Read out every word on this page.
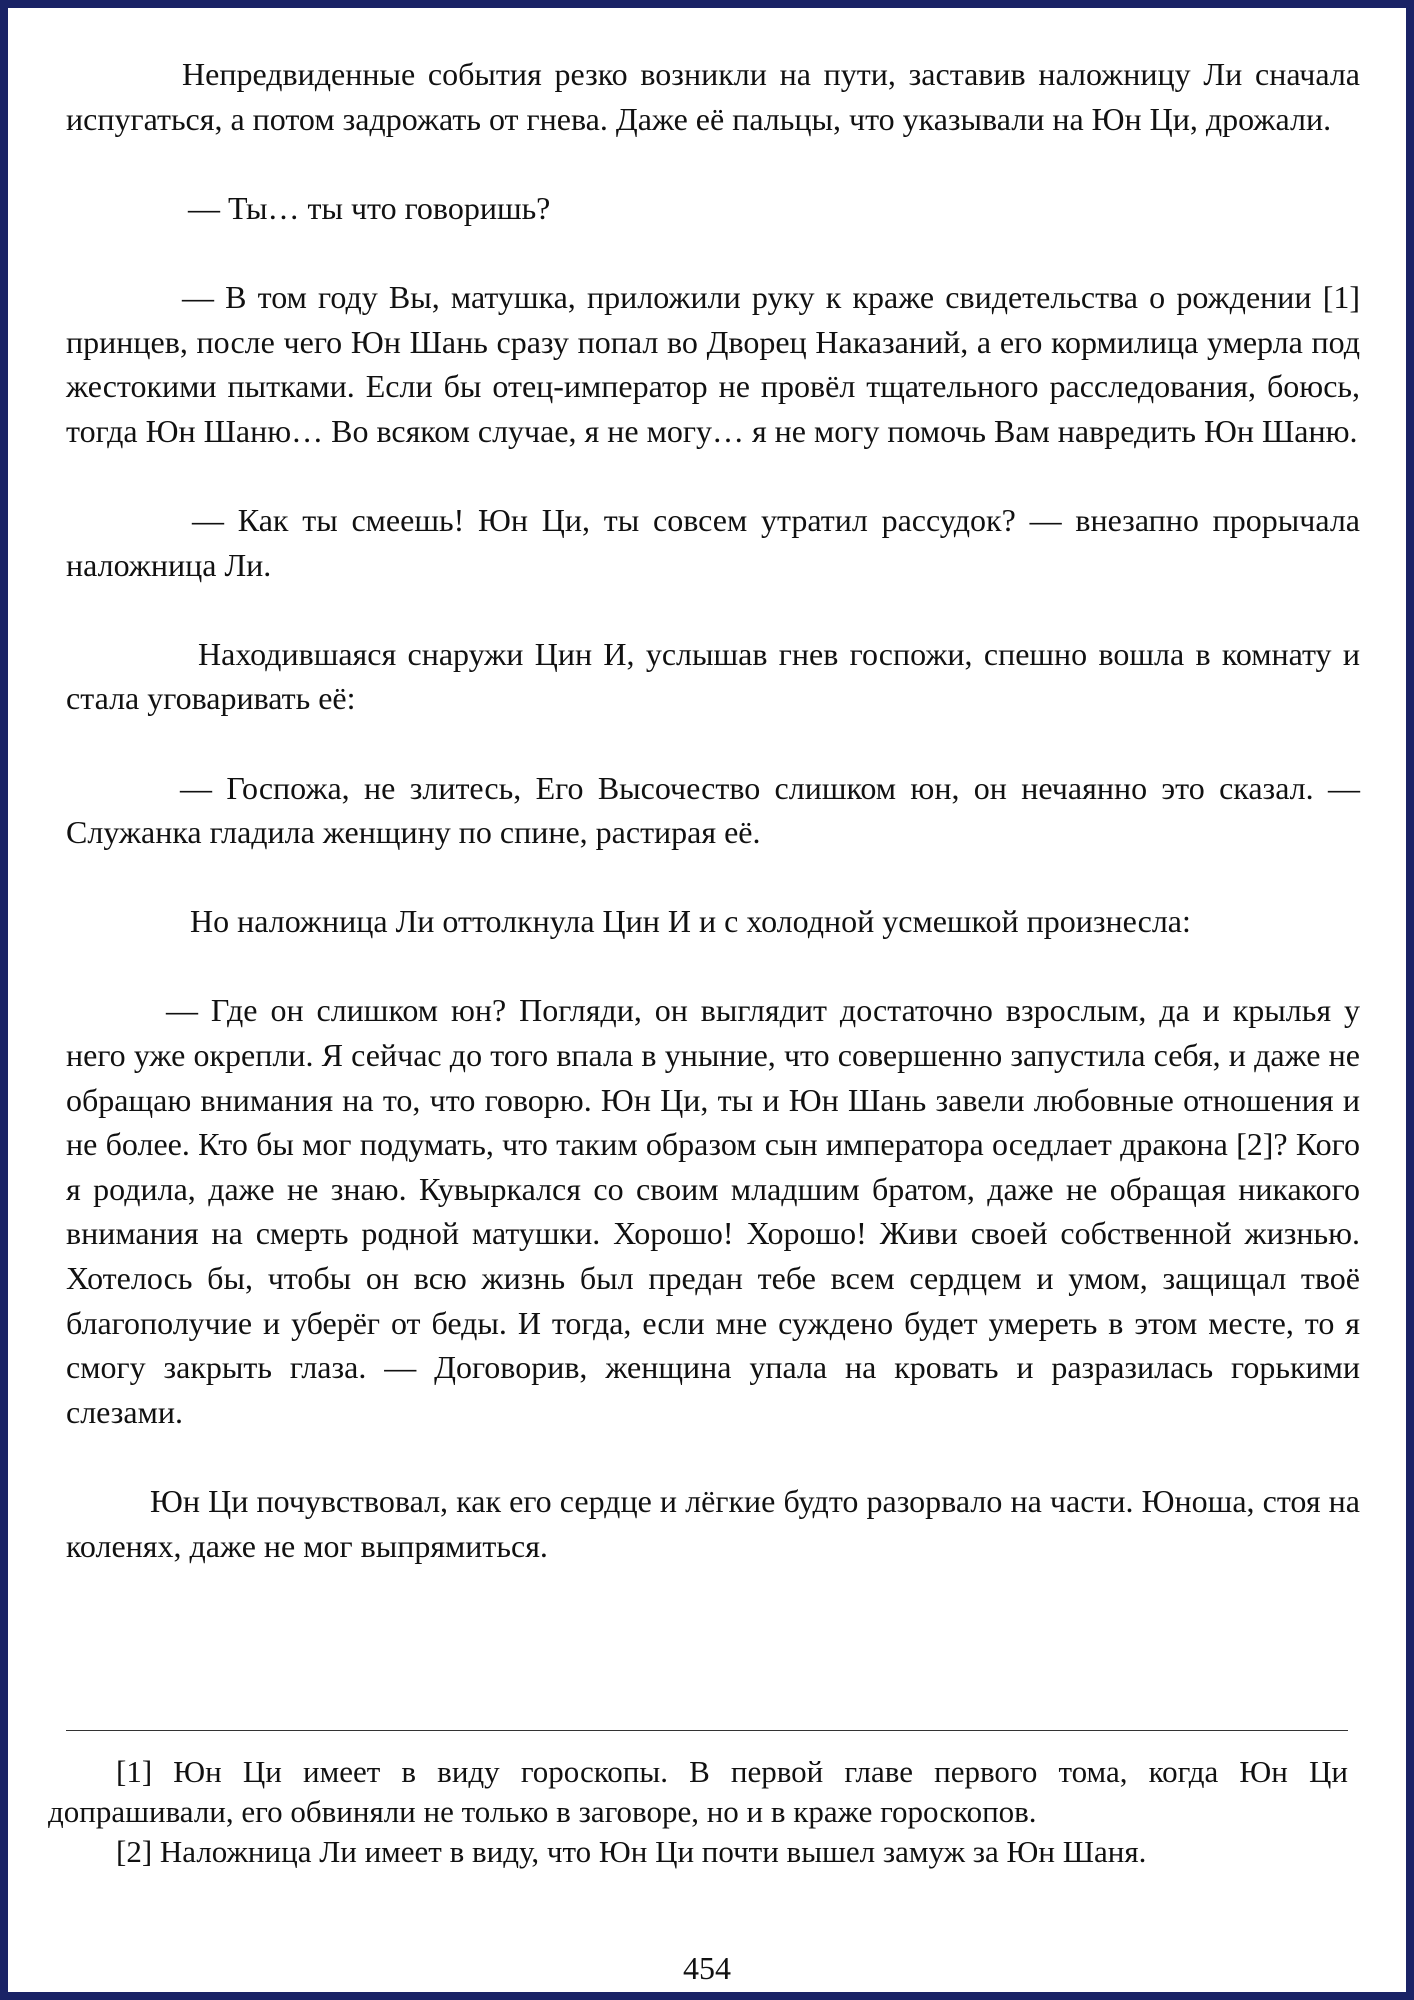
Непредвиденные события резко возникли на пути, заставив наложницу Ли сначала испугаться, а потом задрожать от гнева. Даже её пальцы, что указывали на Юн Ци, дрожали.

— Ты… ты что говоришь?

— В том году Вы, матушка, приложили руку к краже свидетельства о рождении [1] принцев, после чего Юн Шань сразу попал во Дворец Наказаний, а его кормилица умерла под жестокими пытками. Если бы отец-император не провёл тщательного расследования, боюсь, тогда Юн Шаню… Во всяком случае, я не могу… я не могу помочь Вам навредить Юн Шаню.

— Как ты смеешь! Юн Ци, ты совсем утратил рассудок? — внезапно прорычала наложница Ли.

Находившаяся снаружи Цин И, услышав гнев госпожи, спешно вошла в комнату и стала уговаривать её:

— Госпожа, не злитесь, Его Высочество слишком юн, он нечаянно это сказал. — Служанка гладила женщину по спине, растирая её.

Но наложница Ли оттолкнула Цин И и с холодной усмешкой произнесла:

— Где он слишком юн? Погляди, он выглядит достаточно взрослым, да и крылья у него уже окрепли. Я сейчас до того впала в уныние, что совершенно запустила себя, и даже не обращаю внимания на то, что говорю. Юн Ци, ты и Юн Шань завели любовные отношения и не более. Кто бы мог подумать, что таким образом сын императора оседлает дракона [2]? Кого я родила, даже не знаю. Кувыркался со своим младшим братом, даже не обращая никакого внимания на смерть родной матушки. Хорошо! Хорошо! Живи своей собственной жизнью. Хотелось бы, чтобы он всю жизнь был предан тебе всем сердцем и умом, защищал твоё благополучие и уберёг от беды. И тогда, если мне суждено будет умереть в этом месте, то я смогу закрыть глаза. — Договорив, женщина упала на кровать и разразилась горькими слезами.

Юн Ци почувствовал, как его сердце и лёгкие будто разорвало на части. Юноша, стоя на коленях, даже не мог выпрямиться.

[1] Юн Ци имеет в виду гороскопы. В первой главе первого тома, когда Юн Ци допрашивали, его обвиняли не только в заговоре, но и в краже гороскопов.

[2] Наложница Ли имеет в виду, что Юн Ци почти вышел замуж за Юн Шаня.

454
